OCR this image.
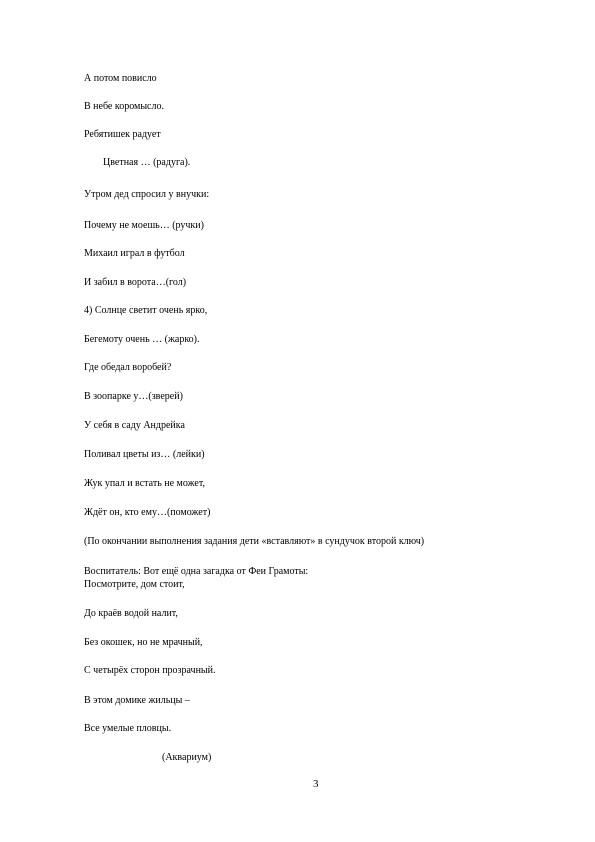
А потом повисло
В небе коромысло.
Ребятишек радует
Цветная … (радуга).
Утром дед спросил у внучки:
Почему не моешь… (ручки)
Михаил играл в футбол
И забил в ворота…(гол)
4) Солнце светит очень ярко,
Бегемоту очень … (жарко).
Где обедал воробей?
В зоопарке у…(зверей)
У себя в саду Андрейка
Поливал цветы из… (лейки)
Жук упал и встать не может,
Ждёт он, кто ему…(поможет)
(По окончании выполнения задания дети «вставляют» в сундучок второй ключ)
Воспитатель: Вот ещё одна загадка от Феи Грамоты:
Посмотрите, дом стоит,
До краёв водой налит,
Без окошек, но не мрачный,
С четырёх сторон прозрачный.
В этом домике жильцы –
Все умелые пловцы.
(Аквариум)
3
